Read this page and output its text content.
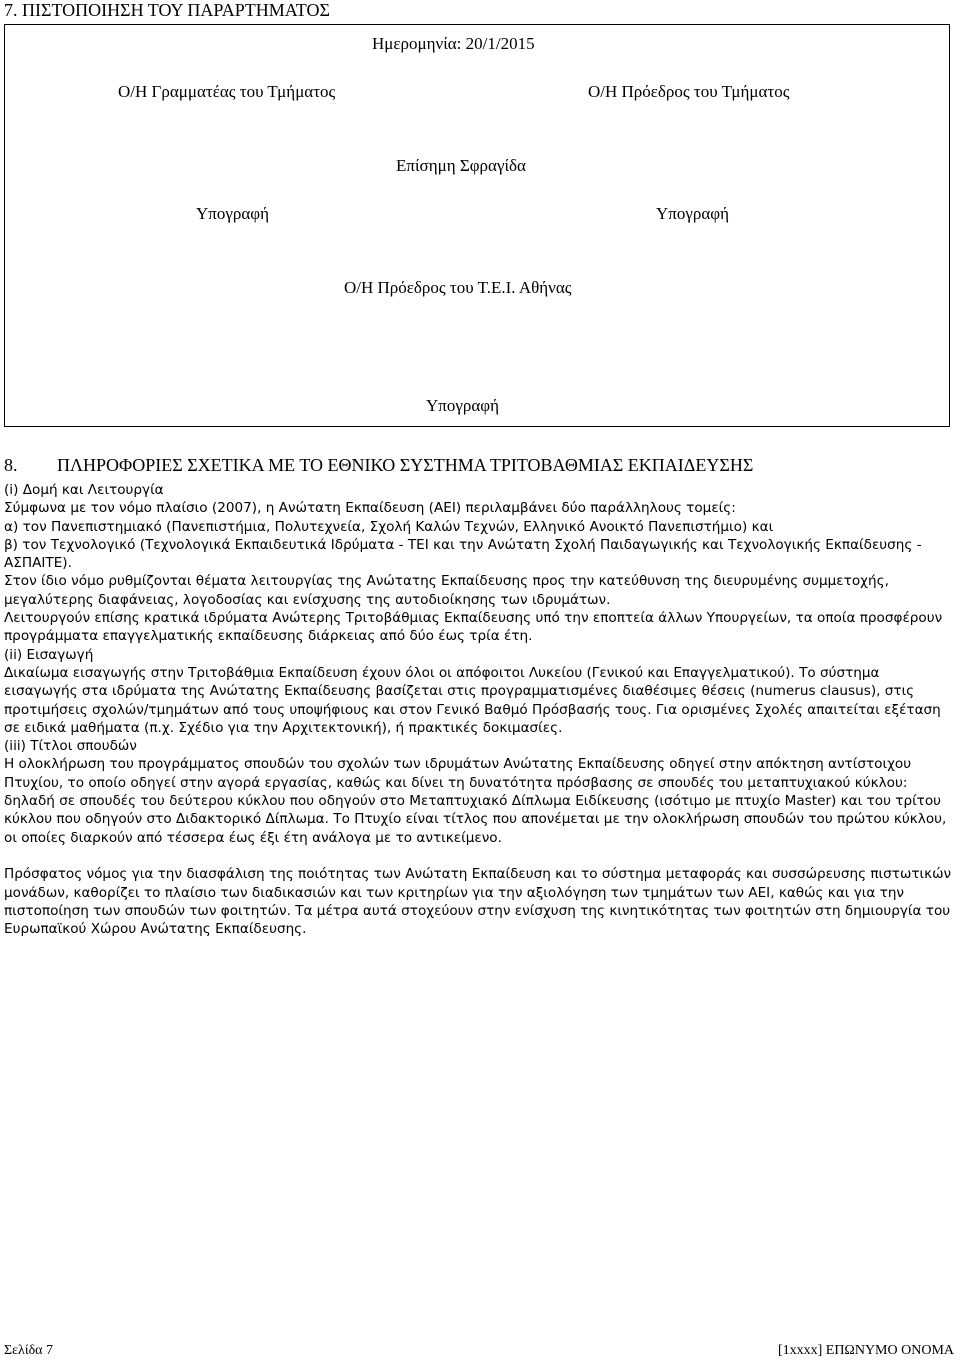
7. ΠΙΣΤΟΠΟΙΗΣΗ ΤΟΥ ΠΑΡΑΡΤΗΜΑΤΟΣ
Ημερομηνία: 20/1/2015
Ο/Η Γραμματέας του Τμήματος	Ο/Η Πρόεδρος του Τμήματος
Επίσημη Σφραγίδα
Υπογραφή	Υπογραφή
Ο/Η Πρόεδρος του Τ.Ε.Ι. Αθήνας
Υπογραφή
8. ΠΛΗΡΟΦΟΡΙΕΣ ΣΧΕΤΙΚΑ ΜΕ ΤΟ ΕΘΝΙΚΟ ΣΥΣΤΗΜΑ ΤΡΙΤΟΒΑΘΜΙΑΣ ΕΚΠΑΙΔΕΥΣΗΣ

(i) Δομή και Λειτουργία

Σύμφωνα με τον νόμο πλαίσιο (2007), η Ανώτατη Εκπαίδευση (ΑΕΙ) περιλαμβάνει δύο παράλληλους τομείς:

α) τον Πανεπιστημιακό (Πανεπιστήμια, Πολυτεχνεία, Σχολή Καλών Τεχνών, Ελληνικό Ανοικτό Πανεπιστήμιο) και

β) τον Τεχνολογικό (Τεχνολογικά Εκπαιδευτικά Ιδρύματα - ΤΕΙ και την Ανώτατη Σχολή Παιδαγωγικής και Τεχνολογικής Εκπαίδευσης - ΑΣΠΑΙΤΕ).

Στον ίδιο νόμο ρυθμίζονται θέματα λειτουργίας της Ανώτατης Εκπαίδευσης προς την κατεύθυνση της διευρυμένης συμμετοχής, μεγαλύτερης διαφάνειας, λογοδοσίας και ενίσχυσης της αυτοδιοίκησης των ιδρυμάτων.

Λειτουργούν επίσης κρατικά ιδρύματα Ανώτερης Τριτοβάθμιας Εκπαίδευσης υπό την εποπτεία άλλων Υπουργείων, τα οποία προσφέρουν προγράμματα επαγγελματικής εκπαίδευσης διάρκειας από δύο έως τρία έτη.

(ii) Εισαγωγή

Δικαίωμα εισαγωγής στην Τριτοβάθμια Εκπαίδευση έχουν όλοι οι απόφοιτοι Λυκείου (Γενικού και Επαγγελματικού). Το σύστημα εισαγωγής στα ιδρύματα της Ανώτατης Εκπαίδευσης βασίζεται στις προγραμματισμένες διαθέσιμες θέσεις (numerus clausus), στις προτιμήσεις σχολών/τμημάτων από τους υποψήφιους και στον Γενικό Βαθμό Πρόσβασής τους. Για ορισμένες Σχολές απαιτείται εξέταση σε ειδικά μαθήματα (π.χ. Σχέδιο για την Αρχιτεκτονική), ή πρακτικές δοκιμασίες.

(iii) Τίτλοι σπουδών

Η ολοκλήρωση του προγράμματος σπουδών του σχολών των ιδρυμάτων Ανώτατης Εκπαίδευσης οδηγεί στην απόκτηση αντίστοιχου Πτυχίου, το οποίο οδηγεί στην αγορά εργασίας, καθώς και δίνει τη δυνατότητα πρόσβασης σε σπουδές του μεταπτυχιακού κύκλου: δηλαδή σε σπουδές του δεύτερου κύκλου που οδηγούν στο Μεταπτυχιακό Δίπλωμα Ειδίκευσης (ισότιμο με πτυχίο Master) και του τρίτου κύκλου που οδηγούν στο Διδακτορικό Δίπλωμα. Το Πτυχίο είναι τίτλος που απονέμεται με την ολοκλήρωση σπουδών του πρώτου κύκλου, οι οποίες διαρκούν από τέσσερα έως έξι έτη ανάλογα με το αντικείμενο.

Πρόσφατος νόμος για την διασφάλιση της ποιότητας των Ανώτατη Εκπαίδευση και το σύστημα μεταφοράς και συσσώρευσης πιστωτικών μονάδων, καθορίζει το πλαίσιο των διαδικασιών και των κριτηρίων για την αξιολόγηση των τμημάτων των ΑΕΙ, καθώς και για την πιστοποίηση των σπουδών των φοιτητών. Τα μέτρα αυτά στοχεύουν στην ενίσχυση της κινητικότητας των φοιτητών στη δημιουργία του Ευρωπαϊκού Χώρου Ανώτατης Εκπαίδευσης.

Σελίδα 7	[1xxxx] ΕΠΩΝΥΜΟ ΟΝΟΜΑ
